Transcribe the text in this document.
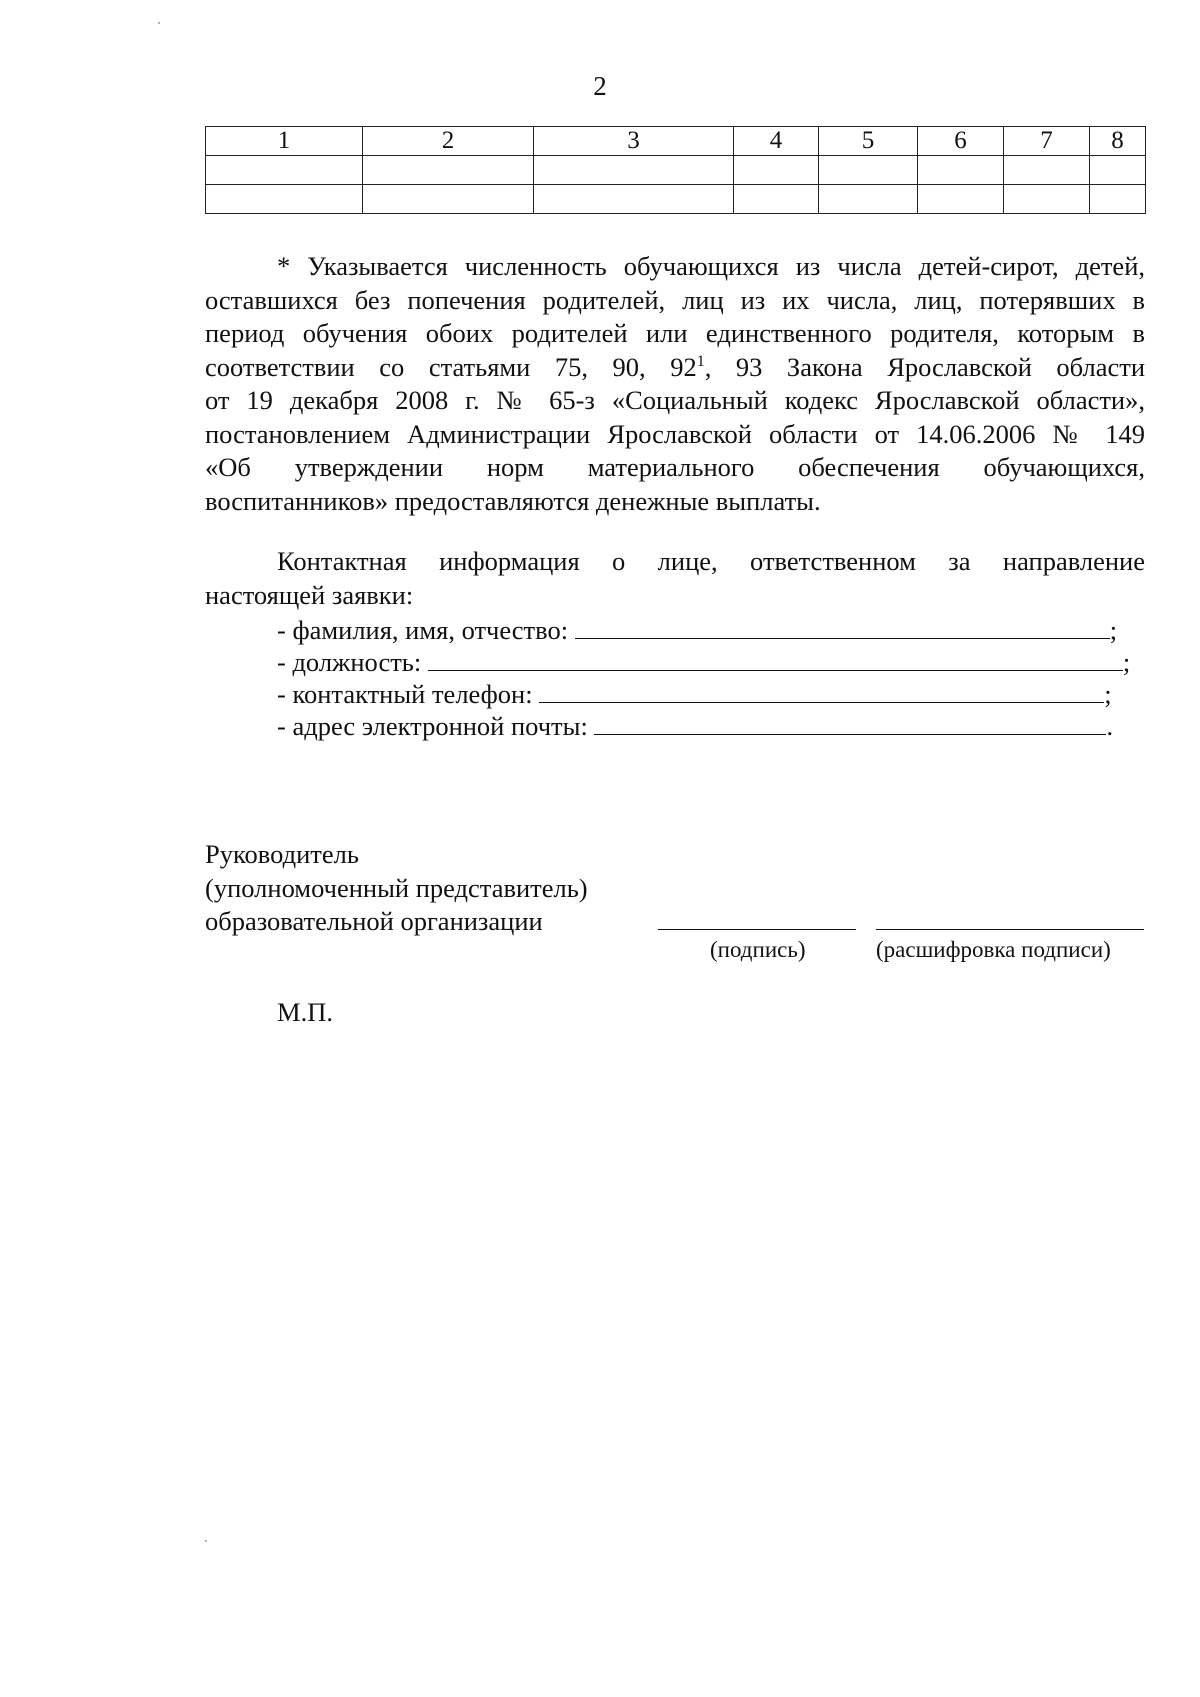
2
1	2	3	4	5	6	7	8

* Указывается численность обучающихся из числа детей-сирот, детей,
оставшихся без попечения родителей, лиц из их числа, лиц, потерявших в
период обучения обоих родителей или единственного родителя, которым в
соответствии со статьями 75, 90, $92^1$, 93 Закона Ярославской области
от 19 декабря 2008 г. № 65-з «Социальный кодекс Ярославской области»,
постановлением Администрации Ярославской области от 14.06.2006 № 149
«Об утверждении норм материального обеспечения обучающихся,
воспитанников» предоставляются денежные выплаты.
Контактная информация о лице, ответственном за направление
настоящей заявки:
- фамилия, имя, отчество:	;
- должность:	;
- контактный телефон:	;
- адрес электронной почты:	.
Руководитель
(уполномоченный представитель)
образовательной организации
(подпись)	(расшифровка подписи)
М.П.
